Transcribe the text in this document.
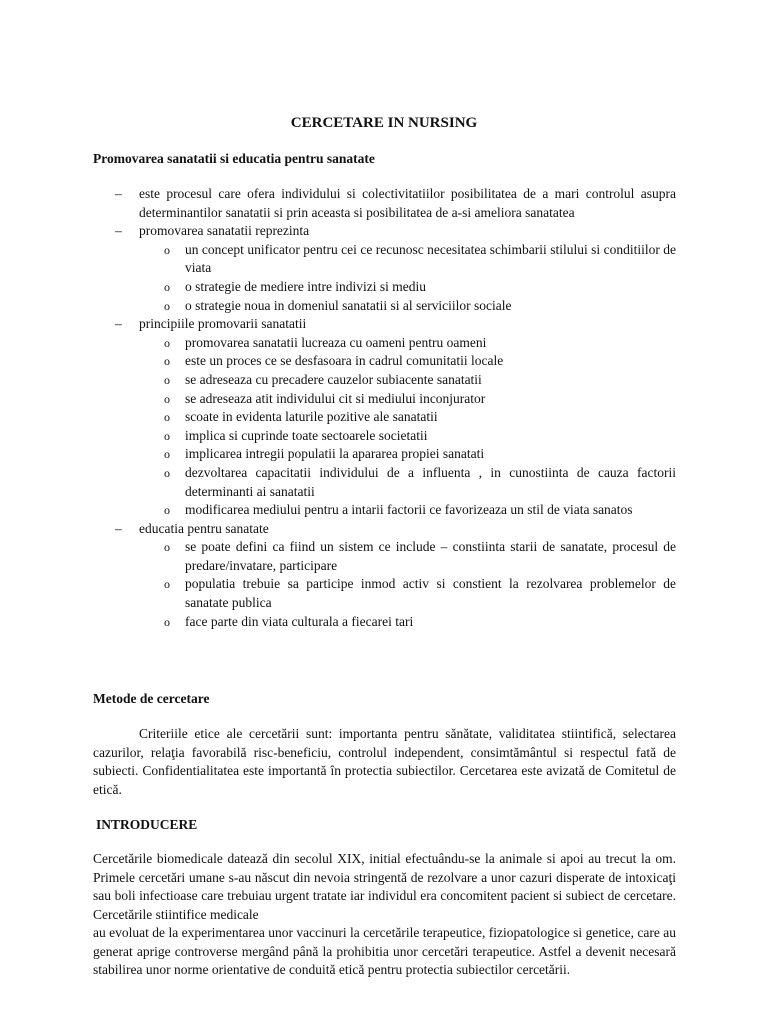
CERCETARE IN NURSING
Promovarea sanatatii si educatia pentru sanatate
– este procesul care ofera individului si colectivitatiilor posibilitatea de a mari controlul asupra determinantilor sanatatii si prin aceasta si posibilitatea de a-si ameliora sanatatea
– promovarea sanatatii reprezinta
o un concept unificator pentru cei ce recunosc necesitatea schimbarii stilului si conditiilor de viata
o o strategie de mediere intre indivizi si mediu
o o strategie noua in domeniul sanatatii si al serviciilor sociale
– principiile promovarii sanatatii
o promovarea sanatatii lucreaza cu oameni pentru oameni
o este un proces ce se desfasoara in cadrul comunitatii locale
o se adreseaza cu precadere cauzelor subiacente sanatatii
o se adreseaza atit individului cit si mediului inconjurator
o scoate in evidenta laturile pozitive ale sanatatii
o implica si cuprinde toate sectoarele societatii
o implicarea intregii populatii la apararea propiei sanatati
o dezvoltarea capacitatii individului de a influenta , in cunostiinta de cauza factorii determinanti ai sanatatii
o modificarea mediului pentru a intarii factorii ce favorizeaza un stil de viata sanatos
– educatia pentru sanatate
o se poate defini ca fiind un sistem ce include – constiinta starii de sanatate, procesul de predare/invatare, participare
o populatia trebuie sa participe inmod activ si constient la rezolvarea problemelor de sanatate publica
o face parte din viata culturala a fiecarei tari
Metode de cercetare

Criteriile etice ale cercetării sunt: importanta pentru sănătate, validitatea stiintifică, selectarea cazurilor, relaţia favorabilă risc-beneficiu, controlul independent, consimtământul si respectul fată de subiecti. Confidentialitatea este importantă în protectia subiectilor. Cercetarea este avizată de Comitetul de etică.

INTRODUCERE

Cercetările biomedicale datează din secolul XIX, initial efectuându-se la animale si apoi au trecut la om. Primele cercetări umane s-au născut din nevoia stringentă de rezolvare a unor cazuri disperate de intoxicaţi sau boli infectioase care trebuiau urgent tratate iar individul era concomitent pacient si subiect de cercetare. Cercetările stiintifice medicale

au evoluat de la experimentarea unor vaccinuri la cercetările terapeutice, fiziopatologice si genetice, care au generat aprige controverse mergând până la prohibitia unor cercetări terapeutice. Astfel a devenit necesară stabilirea unor norme orientative de conduită etică pentru protectia subiectilor cercetării.
